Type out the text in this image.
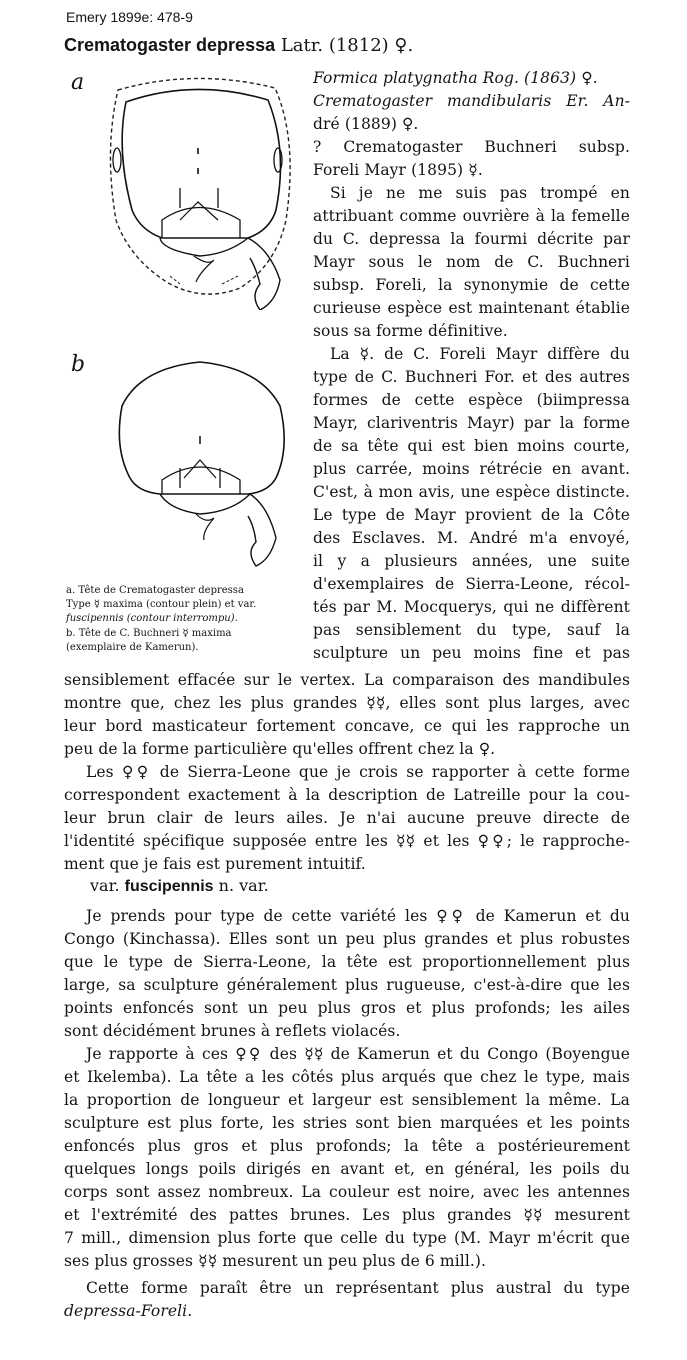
Emery 1899e: 478-9
Crematogaster depressa Latr. (1812) ♀.
a
b
a. Tête de Crematogaster depressa
Type ☿ maxima (contour plein) et var.
fuscipennis (contour interrompu).
b. Tête de C. Buchneri ☿ maxima
(exemplaire de Kamerun).
Formica platygnatha Rog. (1863) ♀.
Crematogaster mandibularis Er. An-
dré (1889) ♀.
? Crematogaster Buchneri subsp.
Foreli Mayr (1895) ☿.
Si je ne me suis pas trompé en
attribuant comme ouvrière à la femelle
du C. depressa la fourmi décrite par
Mayr sous le nom de C. Buchneri
subsp. Foreli, la synonymie de cette
curieuse espèce est maintenant établie
sous sa forme définitive.
La ☿. de C. Foreli Mayr diffère du
type de C. Buchneri For. et des autres
formes de cette espèce (biimpressa
Mayr, clariventris Mayr) par la forme
de sa tête qui est bien moins courte,
plus carrée, moins rétrécie en avant.
C'est, à mon avis, une espèce distincte.
Le type de Mayr provient de la Côte
des Esclaves. M. André m'a envoyé,
il y a plusieurs années, une suite
d'exemplaires de Sierra-Leone, récol-
tés par M. Mocquerys, qui ne diffèrent
pas sensiblement du type, sauf la
sculpture un peu moins fine et pas
sensiblement effacée sur le vertex. La comparaison des mandibules
montre que, chez les plus grandes ☿☿, elles sont plus larges, avec
leur bord masticateur fortement concave, ce qui les rapproche un
peu de la forme particulière qu'elles offrent chez la ♀.
Les ♀♀ de Sierra-Leone que je crois se rapporter à cette forme
correspondent exactement à la description de Latreille pour la cou-
leur brun clair de leurs ailes. Je n'ai aucune preuve directe de
l'identité spécifique supposée entre les ☿☿ et les ♀♀; le rapproche-
ment que je fais est purement intuitif.
var. fuscipennis n. var.
Je prends pour type de cette variété les ♀♀ de Kamerun et du
Congo (Kinchassa). Elles sont un peu plus grandes et plus robustes
que le type de Sierra-Leone, la tête est proportionnellement plus
large, sa sculpture généralement plus rugueuse, c'est-à-dire que les
points enfoncés sont un peu plus gros et plus profonds; les ailes
sont décidément brunes à reflets violacés.
Je rapporte à ces ♀♀ des ☿☿ de Kamerun et du Congo (Boyengue
et Ikelemba). La tête a les côtés plus arqués que chez le type, mais
la proportion de longueur et largeur est sensiblement la même. La
sculpture est plus forte, les stries sont bien marquées et les points
enfoncés plus gros et plus profonds; la tête a postérieurement
quelques longs poils dirigés en avant et, en général, les poils du
corps sont assez nombreux. La couleur est noire, avec les antennes
et l'extrémité des pattes brunes. Les plus grandes ☿☿ mesurent
7 mill., dimension plus forte que celle du type (M. Mayr m'écrit que
ses plus grosses ☿☿ mesurent un peu plus de 6 mill.).
Cette forme paraît être un représentant plus austral du type
depressa-Foreli.
